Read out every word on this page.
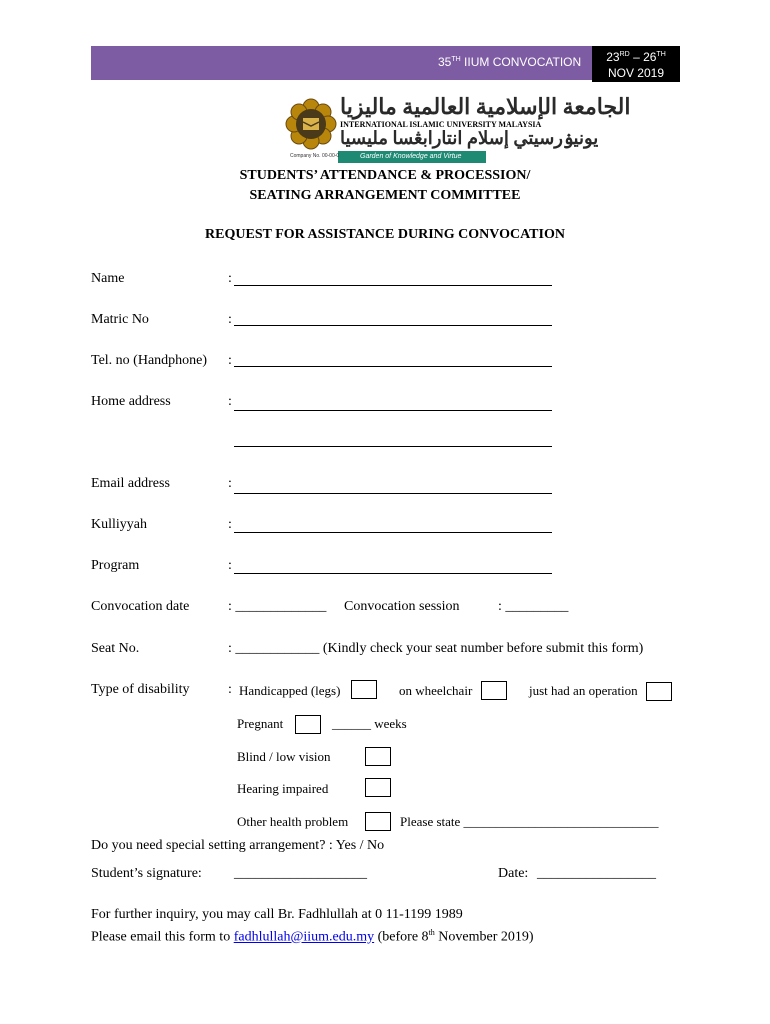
35TH IIUM CONVOCATION	23RD – 26TH
NOV 2019
الجامعة الإسلامية العالمية ماليزيا
INTERNATIONAL ISLAMIC UNIVERSITY MALAYSIA
يونيۏرسيتي إسلام انتارابڠسا مليسيا
Garden of Knowledge and Virtue
Company No. 00-00-0
STUDENTS’ ATTENDANCE & PROCESSION/
SEATING ARRANGEMENT COMMITTEE
REQUEST FOR ASSISTANCE DURING CONVOCATION
Name	:
Matric No	:
Tel. no (Handphone) :
Home address	:
Email address	:
Kulliyyah	:
Program	:
Convocation date	: _____________ Convocation session	: _________
Seat No.	: ____________ (Kindly check your seat number before submit this form)
Type of disability	: Handicapped (legs)	on wheelchair	just had an operation
Pregnant	______ weeks
Blind / low vision
Hearing impaired
Other health problem	Please state ______________________________
Do you need special setting arrangement? : Yes / No
Student’s signature: ___________________	Date: _________________
For further inquiry, you may call Br. Fadhlullah at 0 11-1199 1989
Please email this form to fadhlullah@iium.edu.my (before 8th November 2019)
